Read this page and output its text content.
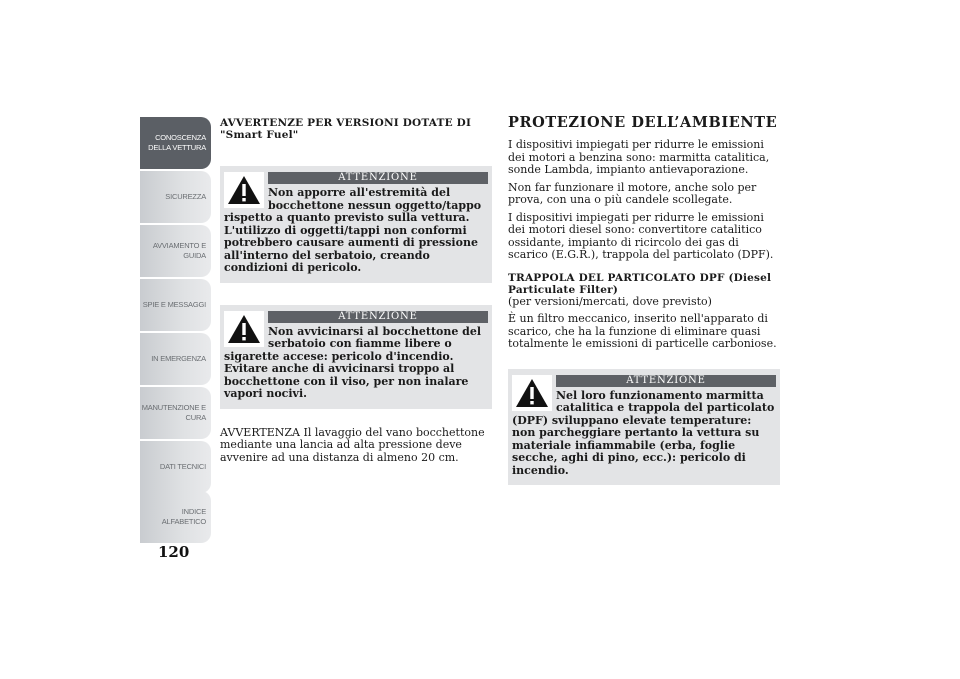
CONOSCENZA
DELLA VETTURA
SICUREZZA
AVVIAMENTO E
GUIDA
SPIE E MESSAGGI
IN EMERGENZA
MANUTENZIONE E
CURA
DATI TECNICI
INDICE
ALFABETICO
120
AVVERTENZE PER VERSIONI DOTATE DI
"Smart Fuel"
ATTENZIONE
Non apporre all'estremità del bocchettone nessun oggetto/tappo
rispetto a quanto previsto sulla vettura. L'utilizzo di oggetti/tappi non conformi potrebbero causare aumenti di pressione all'interno del serbatoio, creando condizioni di pericolo.
ATTENZIONE
Non avvicinarsi al bocchettone del serbatoio con fiamme libere o
sigarette accese: pericolo d'incendio. Evitare anche di avvicinarsi troppo al bocchettone con il viso, per non inalare vapori nocivi.

AVVERTENZA Il lavaggio del vano bocchettone mediante una lancia ad alta pressione deve avvenire ad una distanza di almeno 20 cm.

PROTEZIONE DELL’AMBIENTE

I dispositivi impiegati per ridurre le emissioni dei motori a benzina sono: marmitta catalitica, sonde Lambda, impianto antievaporazione.

Non far funzionare il motore, anche solo per prova, con una o più candele scollegate.

I dispositivi impiegati per ridurre le emissioni dei motori diesel sono: convertitore catalitico ossidante, impianto di ricircolo dei gas di scarico (E.G.R.), trappola del particolato (DPF).

TRAPPOLA DEL PARTICOLATO DPF (Diesel Particulate Filter)

(per versioni/mercati, dove previsto)

È un filtro meccanico, inserito nell'apparato di scarico, che ha la funzione di eliminare quasi totalmente le emissioni di particelle carboniose.

ATTENZIONE
Nel loro funzionamento marmitta catalitica e trappola del particolato
(DPF) sviluppano elevate temperature: non parcheggiare pertanto la vettura su materiale infiammabile (erba, foglie secche, aghi di pino, ecc.): pericolo di incendio.
